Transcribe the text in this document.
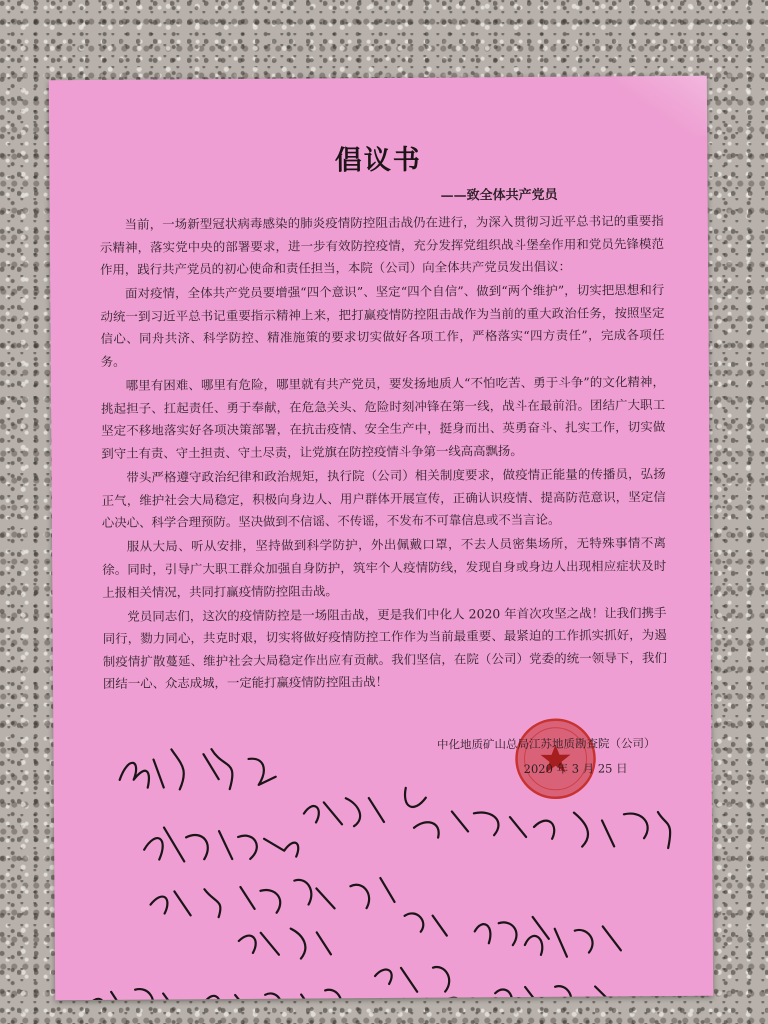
倡议书
——致全体共产党员

当前，一场新型冠状病毒感染的肺炎疫情防控阻击战仍在进行，为深入贯彻习近平总书记的重要指示精神，落实党中央的部署要求，进一步有效防控疫情，充分发挥党组织战斗堡垒作用和党员先锋模范作用，践行共产党员的初心使命和责任担当，本院（公司）向全体共产党员发出倡议：

面对疫情，全体共产党员要增强“四个意识”、坚定“四个自信”、做到“两个维护”，切实把思想和行动统一到习近平总书记重要指示精神上来，把打赢疫情防控阻击战作为当前的重大政治任务，按照坚定信心、同舟共济、科学防控、精准施策的要求切实做好各项工作，严格落实“四方责任”，完成各项任务。

哪里有困难、哪里有危险，哪里就有共产党员，要发扬地质人“不怕吃苦、勇于斗争”的文化精神，挑起担子、扛起责任、勇于奉献，在危急关头、危险时刻冲锋在第一线，战斗在最前沿。团结广大职工坚定不移地落实好各项决策部署，在抗击疫情、安全生产中，挺身而出、英勇奋斗、扎实工作，切实做到守土有责、守土担责、守土尽责，让党旗在防控疫情斗争第一线高高飘扬。

带头严格遵守政治纪律和政治规矩，执行院（公司）相关制度要求，做疫情正能量的传播员，弘扬正气，维护社会大局稳定，积极向身边人、用户群体开展宣传，正确认识疫情、提高防范意识，坚定信心决心、科学合理预防。坚决做到不信谣、不传谣，不发布不可靠信息或不当言论。

服从大局、听从安排，坚持做到科学防护，外出佩戴口罩，不去人员密集场所，无特殊事情不离徐。同时，引导广大职工群众加强自身防护，筑牢个人疫情防线，发现自身或身边人出现相应症状及时上报相关情况，共同打赢疫情防控阻击战。

党员同志们，这次的疫情防控是一场阻击战，更是我们中化人 2020 年首次攻坚之战！让我们携手同行，勠力同心，共克时艰，切实将做好疫情防控工作作为当前最重要、最紧迫的工作抓实抓好，为遏制疫情扩散蔓延、维护社会大局稳定作出应有贡献。我们坚信，在院（公司）党委的统一领导下，我们团结一心、众志成城，一定能打赢疫情防控阻击战！

中化地质矿山总局江苏地质勘查院（公司）
2020 年 3 月 25 日
